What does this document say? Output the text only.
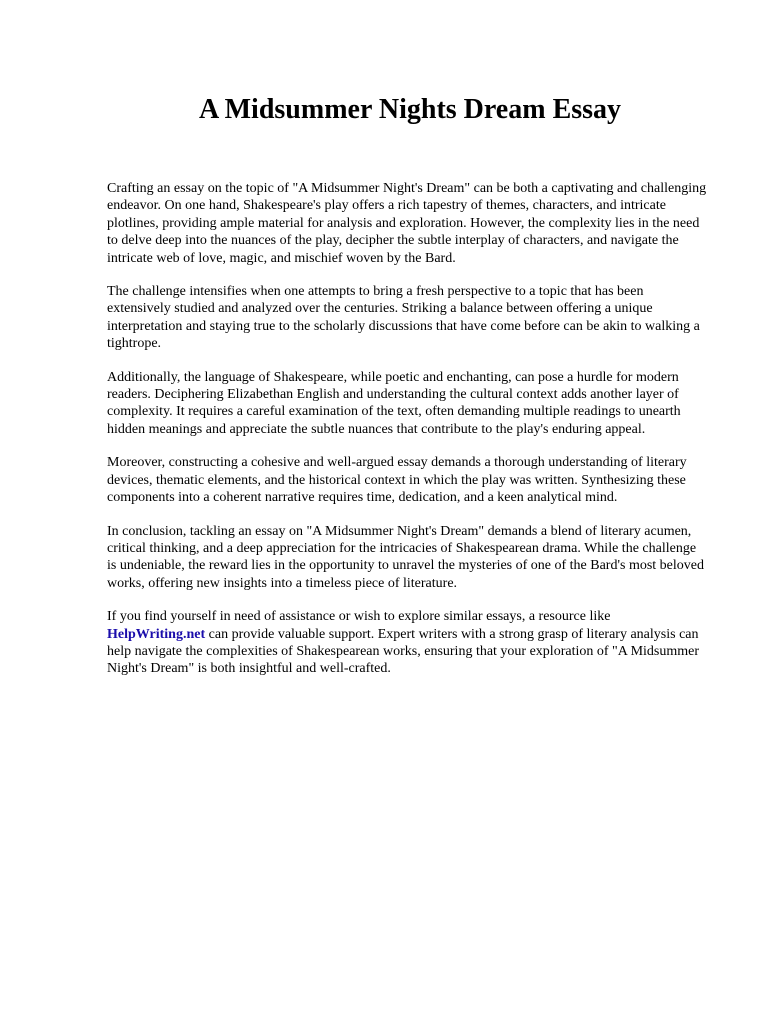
A Midsummer Nights Dream Essay

Crafting an essay on the topic of "A Midsummer Night's Dream" can be both a captivating and challenging endeavor. On one hand, Shakespeare's play offers a rich tapestry of themes, characters, and intricate plotlines, providing ample material for analysis and exploration. However, the complexity lies in the need to delve deep into the nuances of the play, decipher the subtle interplay of characters, and navigate the intricate web of love, magic, and mischief woven by the Bard.

The challenge intensifies when one attempts to bring a fresh perspective to a topic that has been extensively studied and analyzed over the centuries. Striking a balance between offering a unique interpretation and staying true to the scholarly discussions that have come before can be akin to walking a tightrope.

Additionally, the language of Shakespeare, while poetic and enchanting, can pose a hurdle for modern readers. Deciphering Elizabethan English and understanding the cultural context adds another layer of complexity. It requires a careful examination of the text, often demanding multiple readings to unearth hidden meanings and appreciate the subtle nuances that contribute to the play's enduring appeal.

Moreover, constructing a cohesive and well-argued essay demands a thorough understanding of literary devices, thematic elements, and the historical context in which the play was written. Synthesizing these components into a coherent narrative requires time, dedication, and a keen analytical mind.

In conclusion, tackling an essay on "A Midsummer Night's Dream" demands a blend of literary acumen, critical thinking, and a deep appreciation for the intricacies of Shakespearean drama. While the challenge is undeniable, the reward lies in the opportunity to unravel the mysteries of one of the Bard's most beloved works, offering new insights into a timeless piece of literature.

If you find yourself in need of assistance or wish to explore similar essays, a resource like HelpWriting.net can provide valuable support. Expert writers with a strong grasp of literary analysis can help navigate the complexities of Shakespearean works, ensuring that your exploration of "A Midsummer Night's Dream" is both insightful and well-crafted.
